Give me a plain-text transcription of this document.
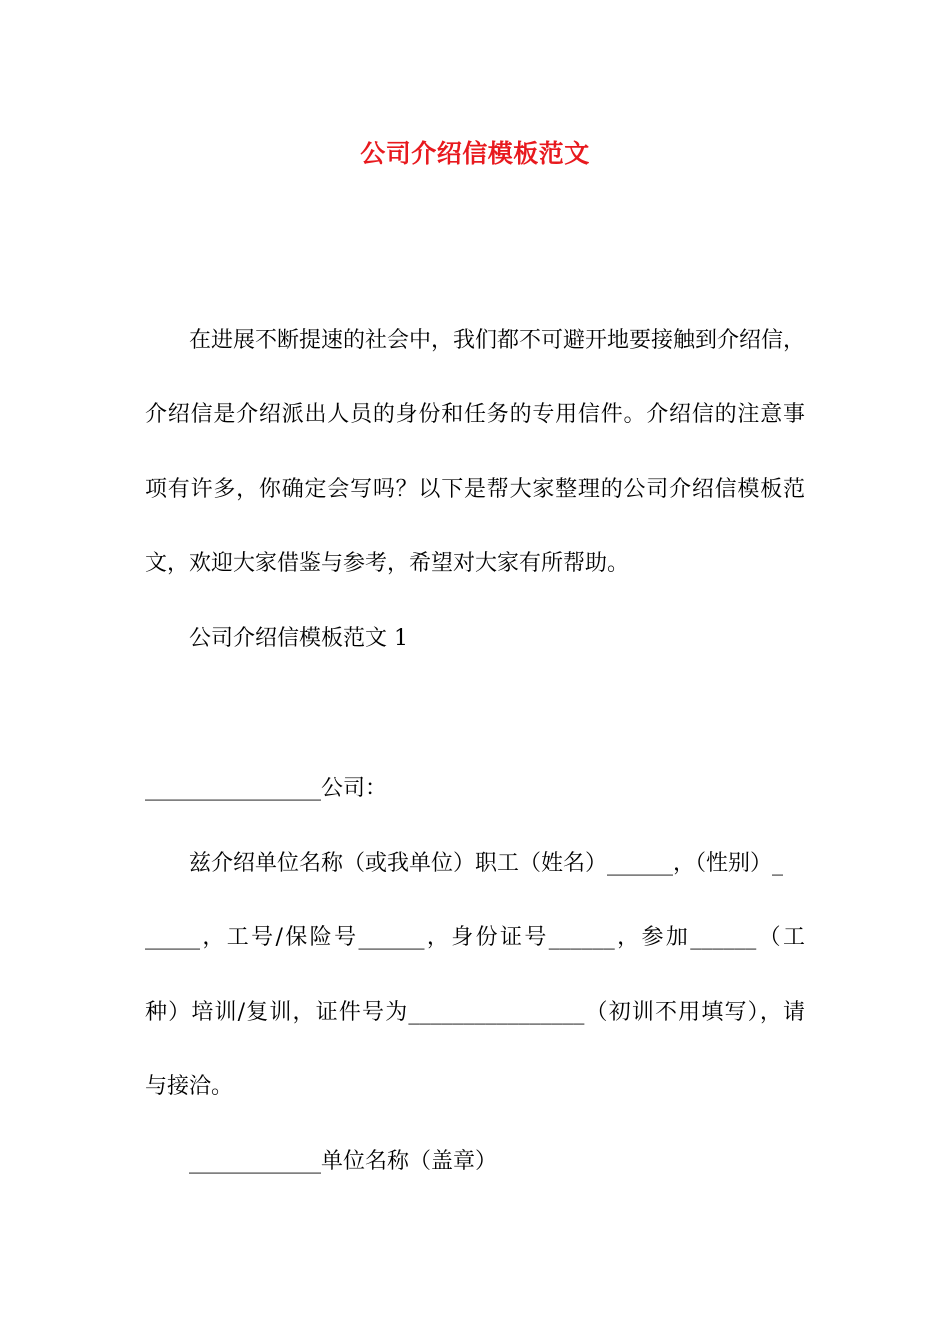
公司介绍信模板范文
在进展不断提速的社会中，我们都不可避开地要接触到介绍信，
介绍信是介绍派出人员的身份和任务的专用信件。介绍信的注意事
项有许多，你确定会写吗？以下是帮大家整理的公司介绍信模板范
文，欢迎大家借鉴与参考，希望对大家有所帮助。
公司介绍信模板范文 1
________________公司：
兹介绍单位名称（或我单位）职工（姓名）______，（性别）_
_____，工号/保险号______，身份证号______，参加______（工
种）培训/复训，证件号为________________（初训不用填写），请
与接洽。
____________单位名称（盖章）
